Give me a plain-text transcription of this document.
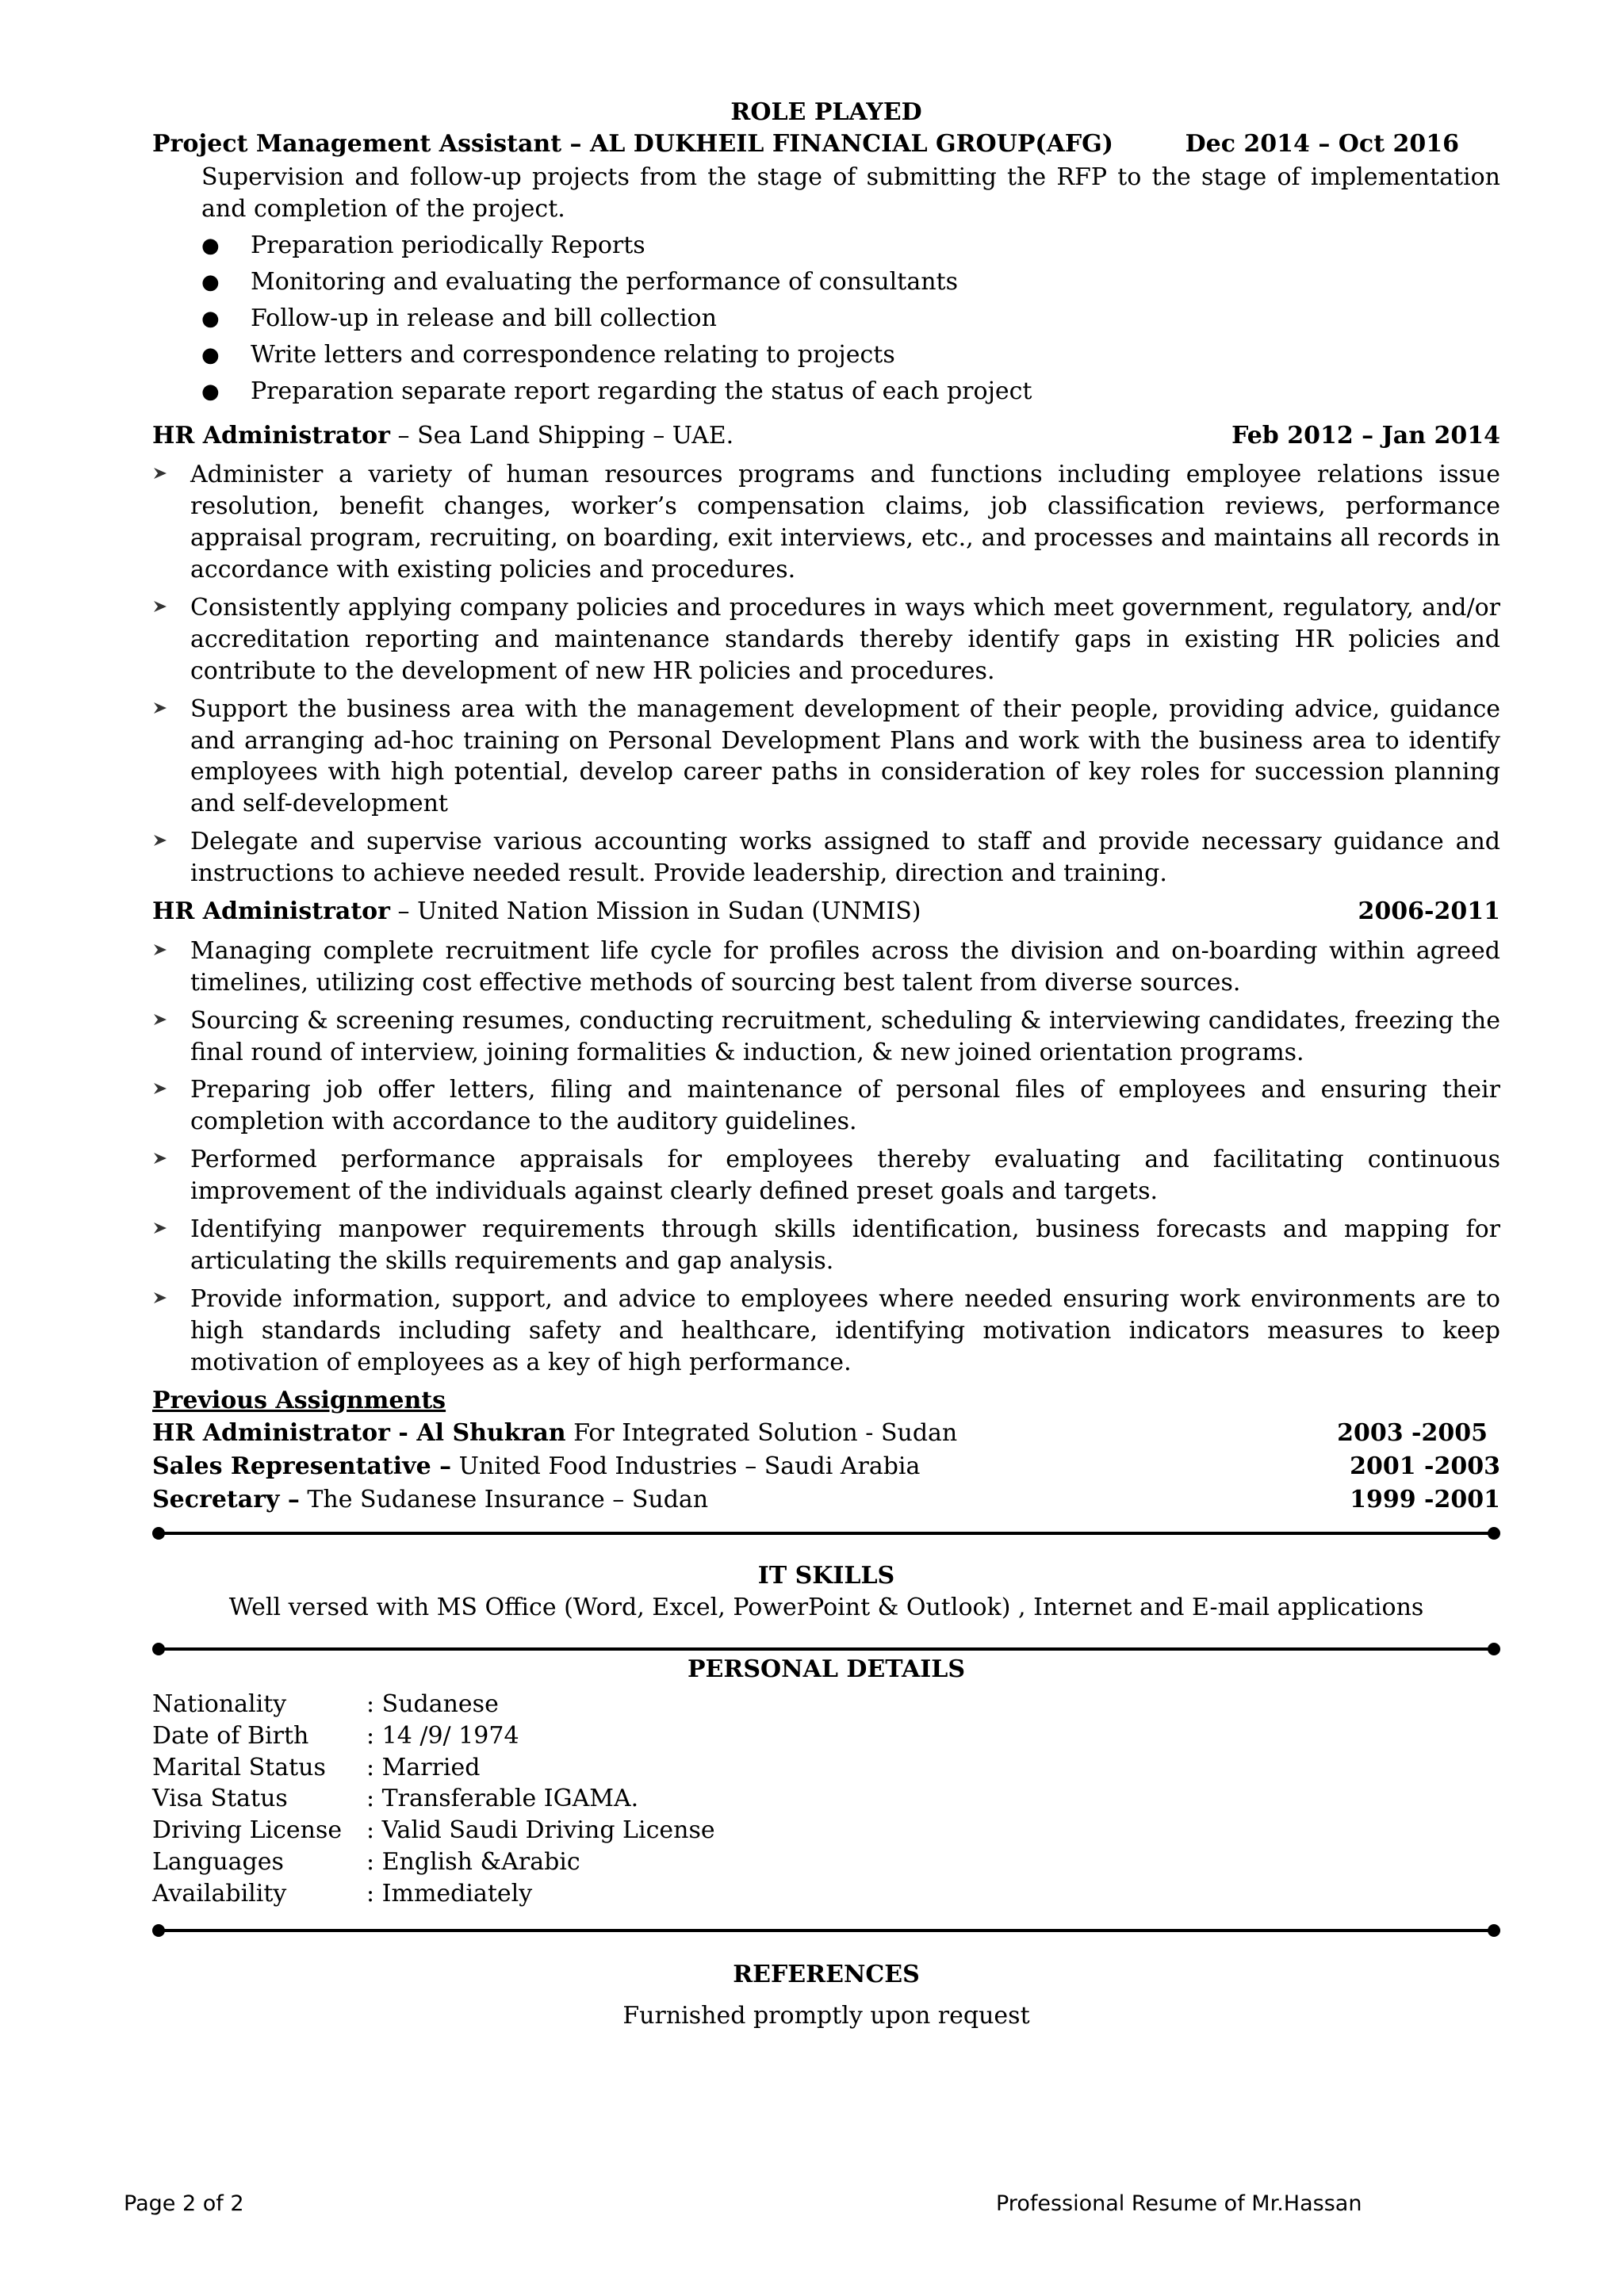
ROLE PLAYED
Project Management Assistant – AL DUKHEIL FINANCIAL GROUP(AFG)	Dec 2014 – Oct 2016
Supervision and follow-up projects from the stage of submitting the RFP to the stage of implementation and completion of the project.
●	Preparation periodically Reports
●	Monitoring and evaluating the performance of consultants
●	Follow-up in release and bill collection
●	Write letters and correspondence relating to projects
●	Preparation separate report regarding the status of each project
HR Administrator – Sea Land Shipping – UAE.	Feb 2012 – Jan 2014
Administer a variety of human resources programs and functions including employee relations issue resolution, benefit changes, worker’s compensation claims, job classification reviews, performance appraisal program, recruiting, on boarding, exit interviews, etc., and processes and maintains all records in accordance with existing policies and procedures.
Consistently applying company policies and procedures in ways which meet government, regulatory, and/or accreditation reporting and maintenance standards thereby identify gaps in existing HR policies and contribute to the development of new HR policies and procedures.
Support the business area with the management development of their people, providing advice, guidance and arranging ad-hoc training on Personal Development Plans and work with the business area to identify employees with high potential, develop career paths in consideration of key roles for succession planning and self-development
Delegate and supervise various accounting works assigned to staff and provide necessary guidance and instructions to achieve needed result. Provide leadership, direction and training.
HR Administrator – United Nation Mission in Sudan (UNMIS)	2006-2011
Managing complete recruitment life cycle for profiles across the division and on-boarding within agreed timelines, utilizing cost effective methods of sourcing best talent from diverse sources.
Sourcing & screening resumes, conducting recruitment, scheduling & interviewing candidates, freezing the final round of interview, joining formalities & induction, & new joined orientation programs.
Preparing job offer letters, filing and maintenance of personal files of employees and ensuring their completion with accordance to the auditory guidelines.
Performed performance appraisals for employees thereby evaluating and facilitating continuous improvement of the individuals against clearly defined preset goals and targets.
Identifying manpower requirements through skills identification, business forecasts and mapping for articulating the skills requirements and gap analysis.
Provide information, support, and advice to employees where needed ensuring work environments are to high standards including safety and healthcare, identifying motivation indicators measures to keep motivation of employees as a key of high performance.
Previous Assignments
HR Administrator - Al Shukran For Integrated Solution - Sudan	2003 -2005
Sales Representative – United Food Industries – Saudi Arabia	2001 -2003
Secretary – The Sudanese Insurance – Sudan	1999 -2001
IT SKILLS
Well versed with MS Office (Word, Excel, PowerPoint & Outlook) , Internet and E-mail applications
PERSONAL DETAILS
Nationality	: Sudanese
Date of Birth	: 14 /9/ 1974
Marital Status	: Married
Visa Status	: Transferable IGAMA.
Driving License	: Valid Saudi Driving License
Languages	: English &Arabic
Availability	: Immediately
REFERENCES
Furnished promptly upon request
Page 2 of 2	Professional Resume of Mr.Hassan
